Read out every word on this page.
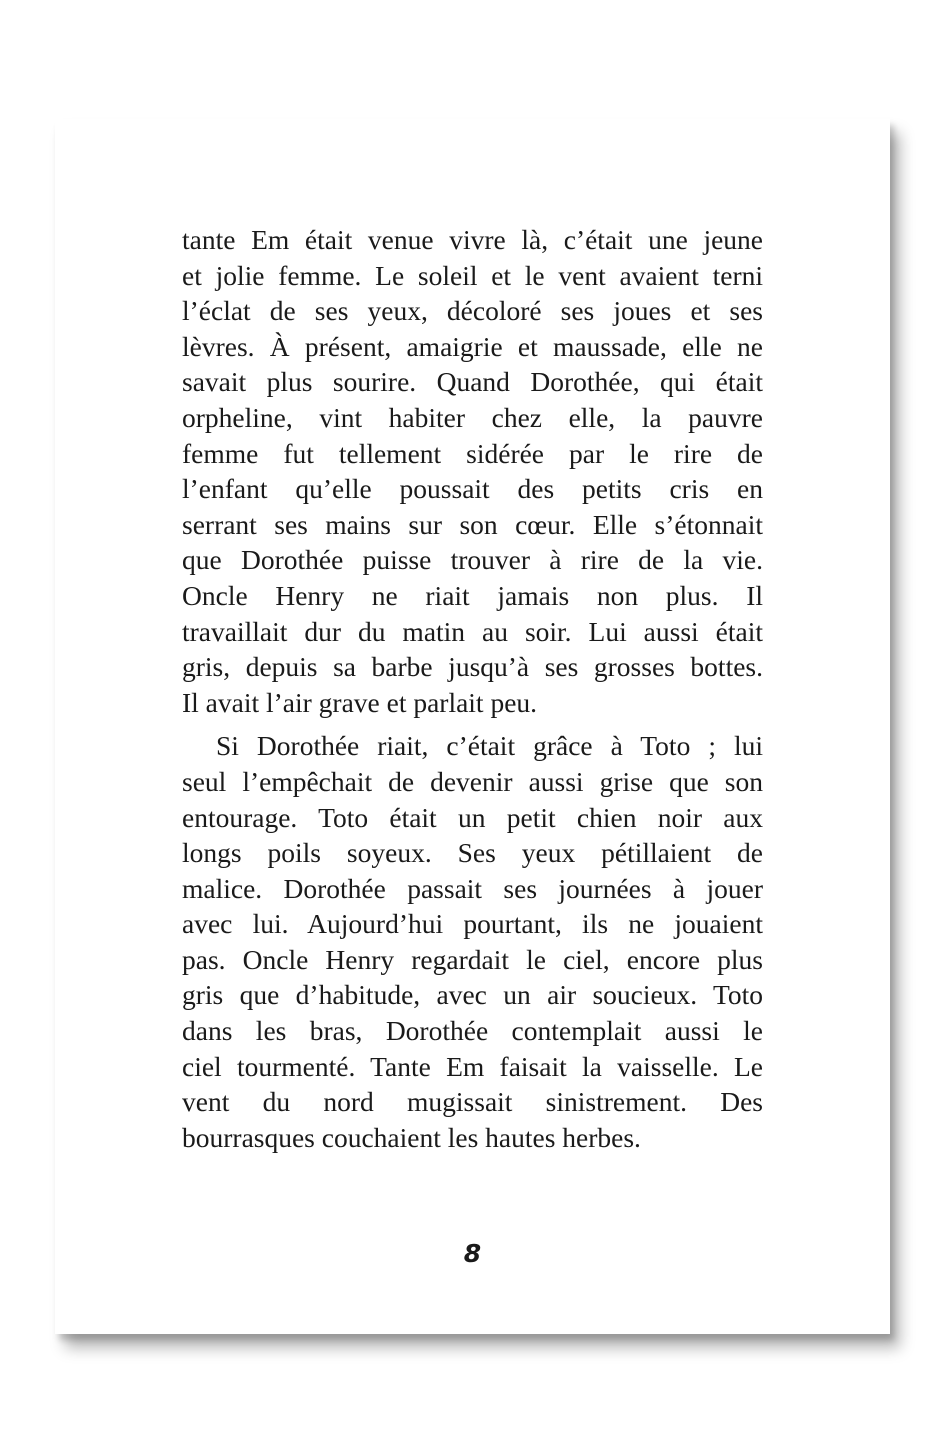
tante Em était venue vivre là, c’était une jeune
et jolie femme. Le soleil et le vent avaient terni
l’éclat de ses yeux, décoloré ses joues et ses
lèvres. À présent, amaigrie et maussade, elle ne
savait plus sourire. Quand Dorothée, qui était
orpheline, vint habiter chez elle, la pauvre
femme fut tellement sidérée par le rire de
l’enfant qu’elle poussait des petits cris en
serrant ses mains sur son cœur. Elle s’étonnait
que Dorothée puisse trouver à rire de la vie.
Oncle Henry ne riait jamais non plus. Il
travaillait dur du matin au soir. Lui aussi était
gris, depuis sa barbe jusqu’à ses grosses bottes.
Il avait l’air grave et parlait peu.

Si Dorothée riait, c’était grâce à Toto ; lui
seul l’empêchait de devenir aussi grise que son
entourage. Toto était un petit chien noir aux
longs poils soyeux. Ses yeux pétillaient de
malice. Dorothée passait ses journées à jouer
avec lui. Aujourd’hui pourtant, ils ne jouaient
pas. Oncle Henry regardait le ciel, encore plus
gris que d’habitude, avec un air soucieux. Toto
dans les bras, Dorothée contemplait aussi le
ciel tourmenté. Tante Em faisait la vaisselle. Le
vent du nord mugissait sinistrement. Des
bourrasques couchaient les hautes herbes.

8
